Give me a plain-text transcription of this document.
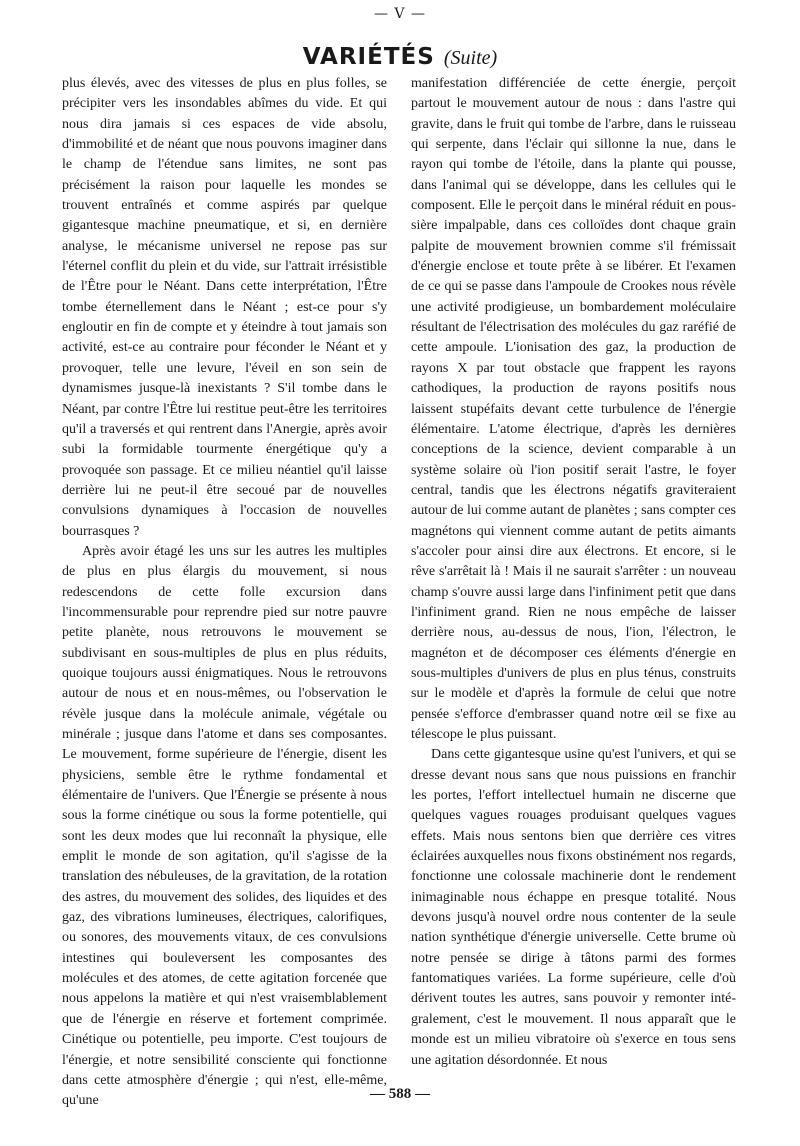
— V —
VARIÉTÉS (Suite)

plus élevés, avec des vitesses de plus en plus folles, se précipiter vers les insondables abîmes du vide. Et qui nous dira jamais si ces espaces de vide absolu, d'immobilité et de néant que nous pouvons imaginer dans le champ de l'étendue sans limites, ne sont pas précisément la raison pour laquelle les mondes se trouvent entraînés et comme aspirés par quelque gigantesque machine pneumatique, et si, en dernière analyse, le mécanisme universel ne repose pas sur l'éternel conflit du plein et du vide, sur l'attrait irrésistible de l'Être pour le Néant. Dans cette interprétation, l'Être tombe éternellement dans le Néant ; est-ce pour s'y engloutir en fin de compte et y éteindre à tout jamais son activité, est-ce au contraire pour féconder le Néant et y provoquer, telle une levure, l'éveil en son sein de dynamismes jusque-là inexistants ? S'il tombe dans le Néant, par contre l'Être lui restitue peut-être les territoires qu'il a traversés et qui rentrent dans l'Anergie, après avoir subi la formidable tourmente énergétique qu'y a provoquée son passage. Et ce milieu néantiel qu'il laisse derrière lui ne peut-il être secoué par de nouvelles convulsions dynamiques à l'occasion de nouvelles bourrasques ?

Après avoir étagé les uns sur les autres les multiples de plus en plus élargis du mouvement, si nous redescendons de cette folle excursion dans l'incommensurable pour reprendre pied sur notre pauvre petite planète, nous retrouvons le mouvement se subdivisant en sous-multiples de plus en plus réduits, quoique toujours aussi énigmatiques. Nous le retrouvons autour de nous et en nous-mêmes, ou l'observation le révèle jusque dans la molécule animale, végétale ou minérale ; jusque dans l'atome et dans ses composantes. Le mouvement, forme supérieure de l'énergie, disent les physiciens, semble être le rythme fondamental et élémentaire de l'univers. Que l'Énergie se présente à nous sous la forme cinétique ou sous la forme potentielle, qui sont les deux modes que lui reconnaît la physique, elle emplit le monde de son agitation, qu'il s'agisse de la translation des nébuleuses, de la gravitation, de la rotation des astres, du mouvement des solides, des liquides et des gaz, des vibrations lumineuses, électriques, calorifiques, ou sonores, des mouvements vitaux, de ces convulsions intestines qui bouleversent les composantes des molécules et des atomes, de cette agitation forcenée que nous appelons la matière et qui n'est vraisemblablement que de l'énergie en réserve et fortement comprimée. Cinétique ou potentielle, peu importe. C'est toujours de l'énergie, et notre sensibilité consciente qui fonctionne dans cette atmosphère d'énergie ; qui n'est, elle-même, qu'une

manifestation différenciée de cette énergie, perçoit partout le mouvement autour de nous : dans l'astre qui gravite, dans le fruit qui tombe de l'arbre, dans le ruisseau qui serpente, dans l'éclair qui sillonne la nue, dans le rayon qui tombe de l'étoile, dans la plante qui pousse, dans l'animal qui se développe, dans les cellules qui le composent. Elle le perçoit dans le minéral réduit en poussière impalpable, dans ces colloïdes dont chaque grain palpite de mouvement brownien comme s'il frémissait d'énergie enclose et toute prête à se libérer. Et l'examen de ce qui se passe dans l'ampoule de Crookes nous révèle une activité prodigieuse, un bombardement moléculaire résultant de l'électrisation des molécules du gaz raréfié de cette ampoule. L'ionisation des gaz, la production de rayons X par tout obstacle que frappent les rayons cathodiques, la production de rayons positifs nous laissent stupéfaits devant cette turbulence de l'énergie élémentaire. L'atome électrique, d'après les dernières conceptions de la science, devient comparable à un système solaire où l'ion positif serait l'astre, le foyer central, tandis que les électrons négatifs graviteraient autour de lui comme autant de planètes ; sans compter ces magnétons qui viennent comme autant de petits aimants s'accoler pour ainsi dire aux électrons. Et encore, si le rêve s'arrêtait là ! Mais il ne saurait s'arrêter : un nouveau champ s'ouvre aussi large dans l'infiniment petit que dans l'infiniment grand. Rien ne nous empêche de laisser derrière nous, au-dessus de nous, l'ion, l'électron, le magnéton et de décomposer ces éléments d'énergie en sous-multiples d'univers de plus en plus ténus, construits sur le modèle et d'après la formule de celui que notre pensée s'efforce d'embrasser quand notre œil se fixe au télescope le plus puissant.

Dans cette gigantesque usine qu'est l'univers, et qui se dresse devant nous sans que nous puissions en franchir les portes, l'effort intellectuel humain ne discerne que quelques vagues rouages produisant quelques vagues effets. Mais nous sentons bien que derrière ces vitres éclairées auxquelles nous fixons obstinément nos regards, fonctionne une colossale machinerie dont le rendement inimaginable nous échappe en presque totalité. Nous devons jusqu'à nouvel ordre nous contenter de la seule nation synthétique d'énergie universelle. Cette brume où notre pensée se dirige à tâtons parmi des formes fantomatiques variées. La forme supérieure, celle d'où dérivent toutes les autres, sans pouvoir y remonter intégralement, c'est le mouvement. Il nous apparaît que le monde est un milieu vibratoire où s'exerce en tous sens une agitation désordonnée. Et nous

— 588 —
